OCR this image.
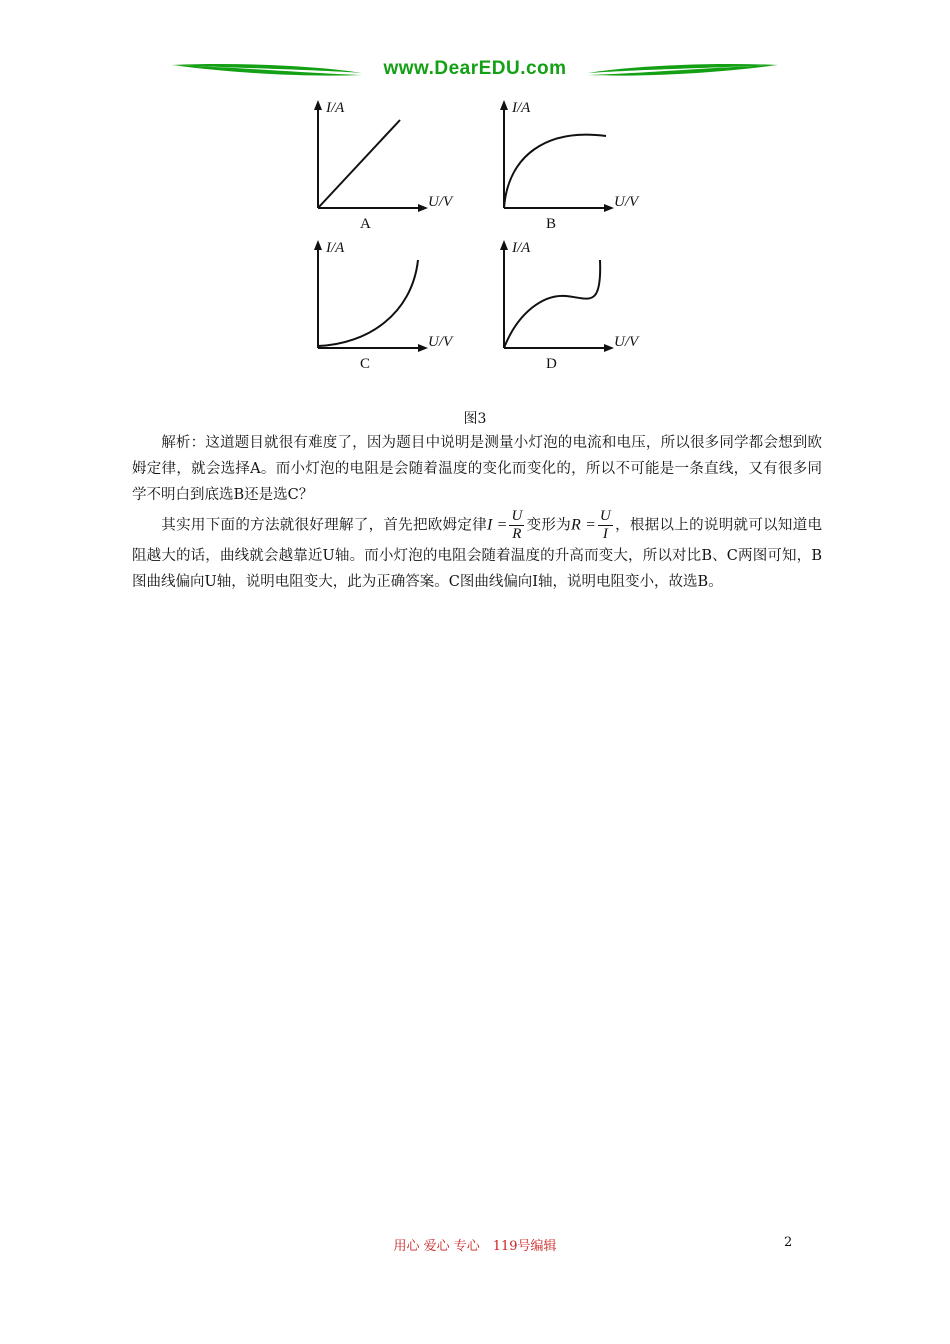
www.DearEDU.com
I/A
U/V
A
I/A
U/V
B
I/A
U/V
C
I/A
U/V
D
图3
解析：这道题目就很有难度了，因为题目中说明是测量小灯泡的电流和电压，所以很多同学都会想到欧姆定律，就会选择A。而小灯泡的电阻是会随着温度的变化而变化的，所以不可能是一条直线，又有很多同学不明白到底选B还是选C？
其实用下面的方法就很好理解了，首先把欧姆定律$I = \frac{U}{R}$ 变形为$R = \frac{U}{I}$ ，根据以上的说明就可以知道电阻越大的话，曲线就会越靠近U轴。而小灯泡的电阻会随着温度的升高而变大，所以对比B、C两图可知，B图曲线偏向U轴，说明电阻变大，此为正确答案。C图曲线偏向I轴，说明电阻变小，故选B。
用心 爱心 专心　119号编辑	2
